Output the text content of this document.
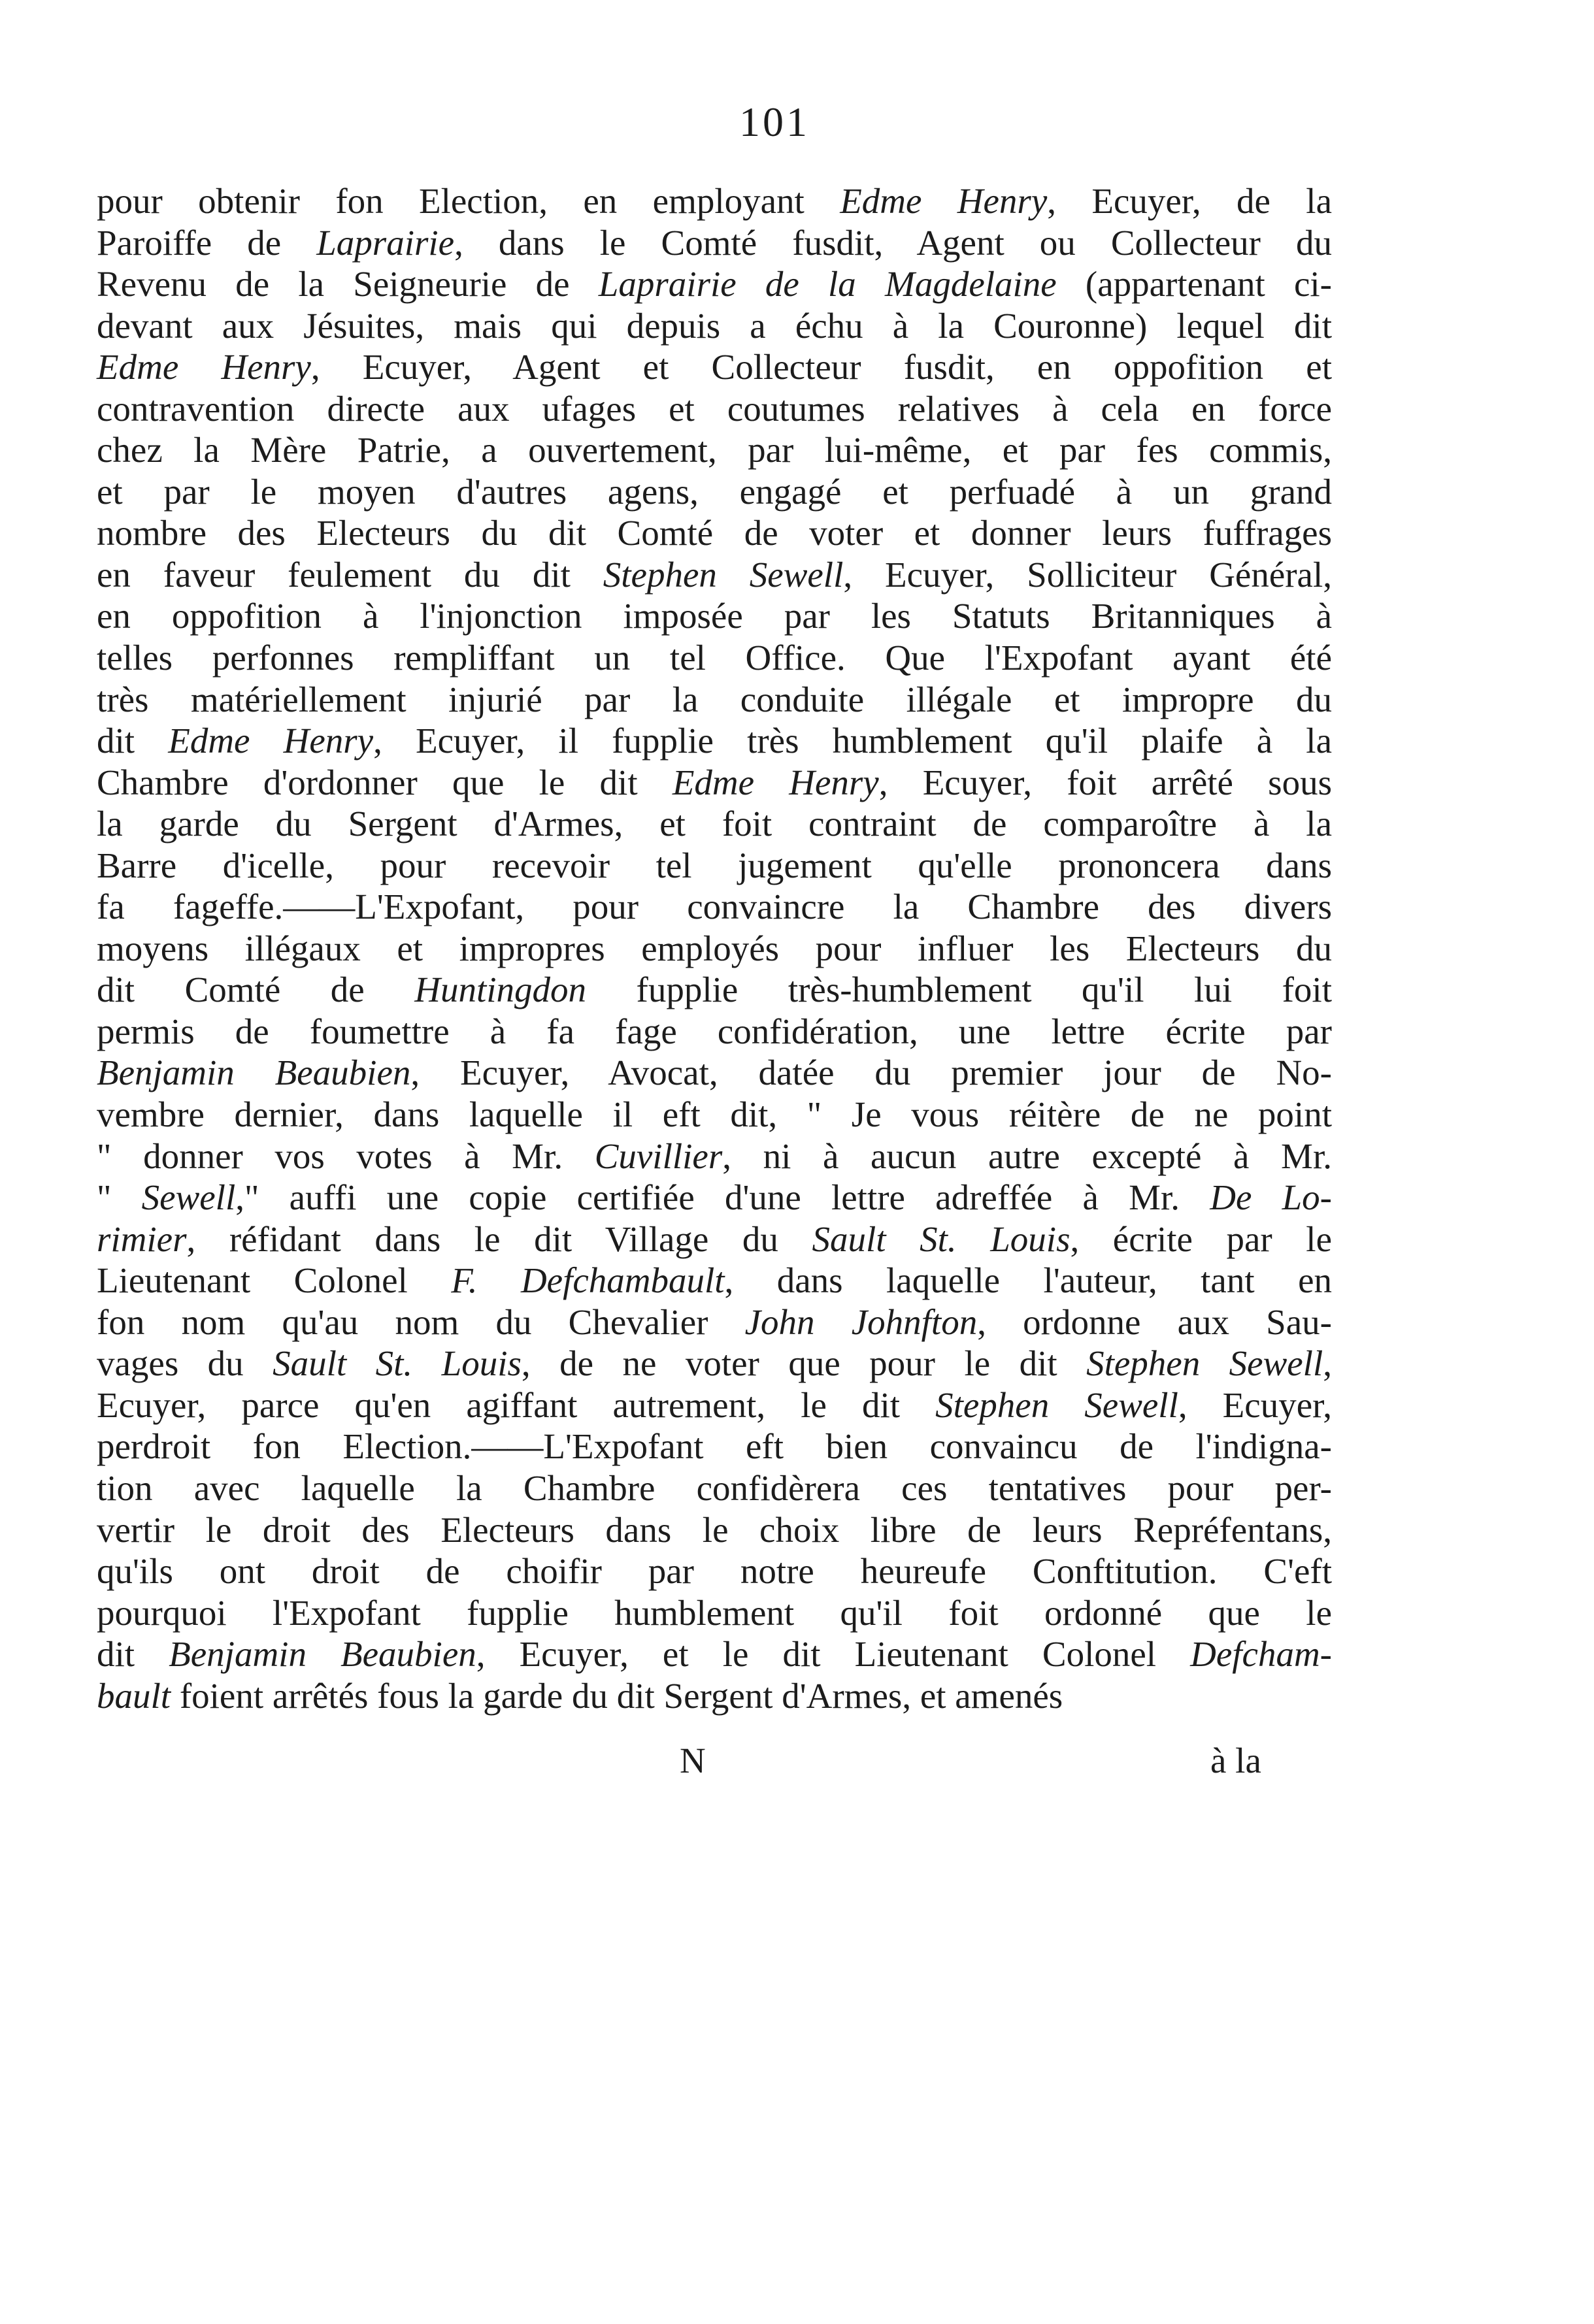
101
pour obtenir fon Election, en employant Edme Henry, Ecuyer, de la
Paroiffe de Laprairie, dans le Comté fusdit, Agent ou Collecteur du
Revenu de la Seigneurie de Laprairie de la Magdelaine (appartenant ci-
devant aux Jésuites, mais qui depuis a échu à la Couronne) lequel dit
Edme Henry, Ecuyer, Agent et Collecteur fusdit, en oppofition et
contravention directe aux ufages et coutumes relatives à cela en force
chez la Mère Patrie, a ouvertement, par lui-même, et par fes commis,
et par le moyen d'autres agens, engagé et perfuadé à un grand
nombre des Electeurs du dit Comté de voter et donner leurs fuffrages
en faveur feulement du dit Stephen Sewell, Ecuyer, Solliciteur Général,
en oppofition à l'injonction imposée par les Statuts Britanniques à
telles perfonnes rempliffant un tel Office. Que l'Expofant ayant été
très matériellement injurié par la conduite illégale et impropre du
dit Edme Henry, Ecuyer, il fupplie très humblement qu'il plaife à la
Chambre d'ordonner que le dit Edme Henry, Ecuyer, foit arrêté sous
la garde du Sergent d'Armes, et foit contraint de comparoître à la
Barre d'icelle, pour recevoir tel jugement qu'elle prononcera dans
fa fageffe.——L'Expofant, pour convaincre la Chambre des divers
moyens illégaux et impropres employés pour influer les Electeurs du
dit Comté de Huntingdon fupplie très-humblement qu'il lui foit
permis de foumettre à fa fage confidération, une lettre écrite par
Benjamin Beaubien, Ecuyer, Avocat, datée du premier jour de No-
vembre dernier, dans laquelle il eft dit, " Je vous réitère de ne point
" donner vos votes à Mr. Cuvillier, ni à aucun autre excepté à Mr.
" Sewell," auffi une copie certifiée d'une lettre adreffée à Mr. De Lo-
rimier, réfidant dans le dit Village du Sault St. Louis, écrite par le
Lieutenant Colonel F. Defchambault, dans laquelle l'auteur, tant en
fon nom qu'au nom du Chevalier John Johnfton, ordonne aux Sau-
vages du Sault St. Louis, de ne voter que pour le dit Stephen Sewell,
Ecuyer, parce qu'en agiffant autrement, le dit Stephen Sewell, Ecuyer,
perdroit fon Election.——L'Expofant eft bien convaincu de l'indigna-
tion avec laquelle la Chambre confidèrera ces tentatives pour per-
vertir le droit des Electeurs dans le choix libre de leurs Repréfentans,
qu'ils ont droit de choifir par notre heureufe Conftitution. C'eft
pourquoi l'Expofant fupplie humblement qu'il foit ordonné que le
dit Benjamin Beaubien, Ecuyer, et le dit Lieutenant Colonel Defcham-
bault foient arrêtés fous la garde du dit Sergent d'Armes, et amenés
N	à la
